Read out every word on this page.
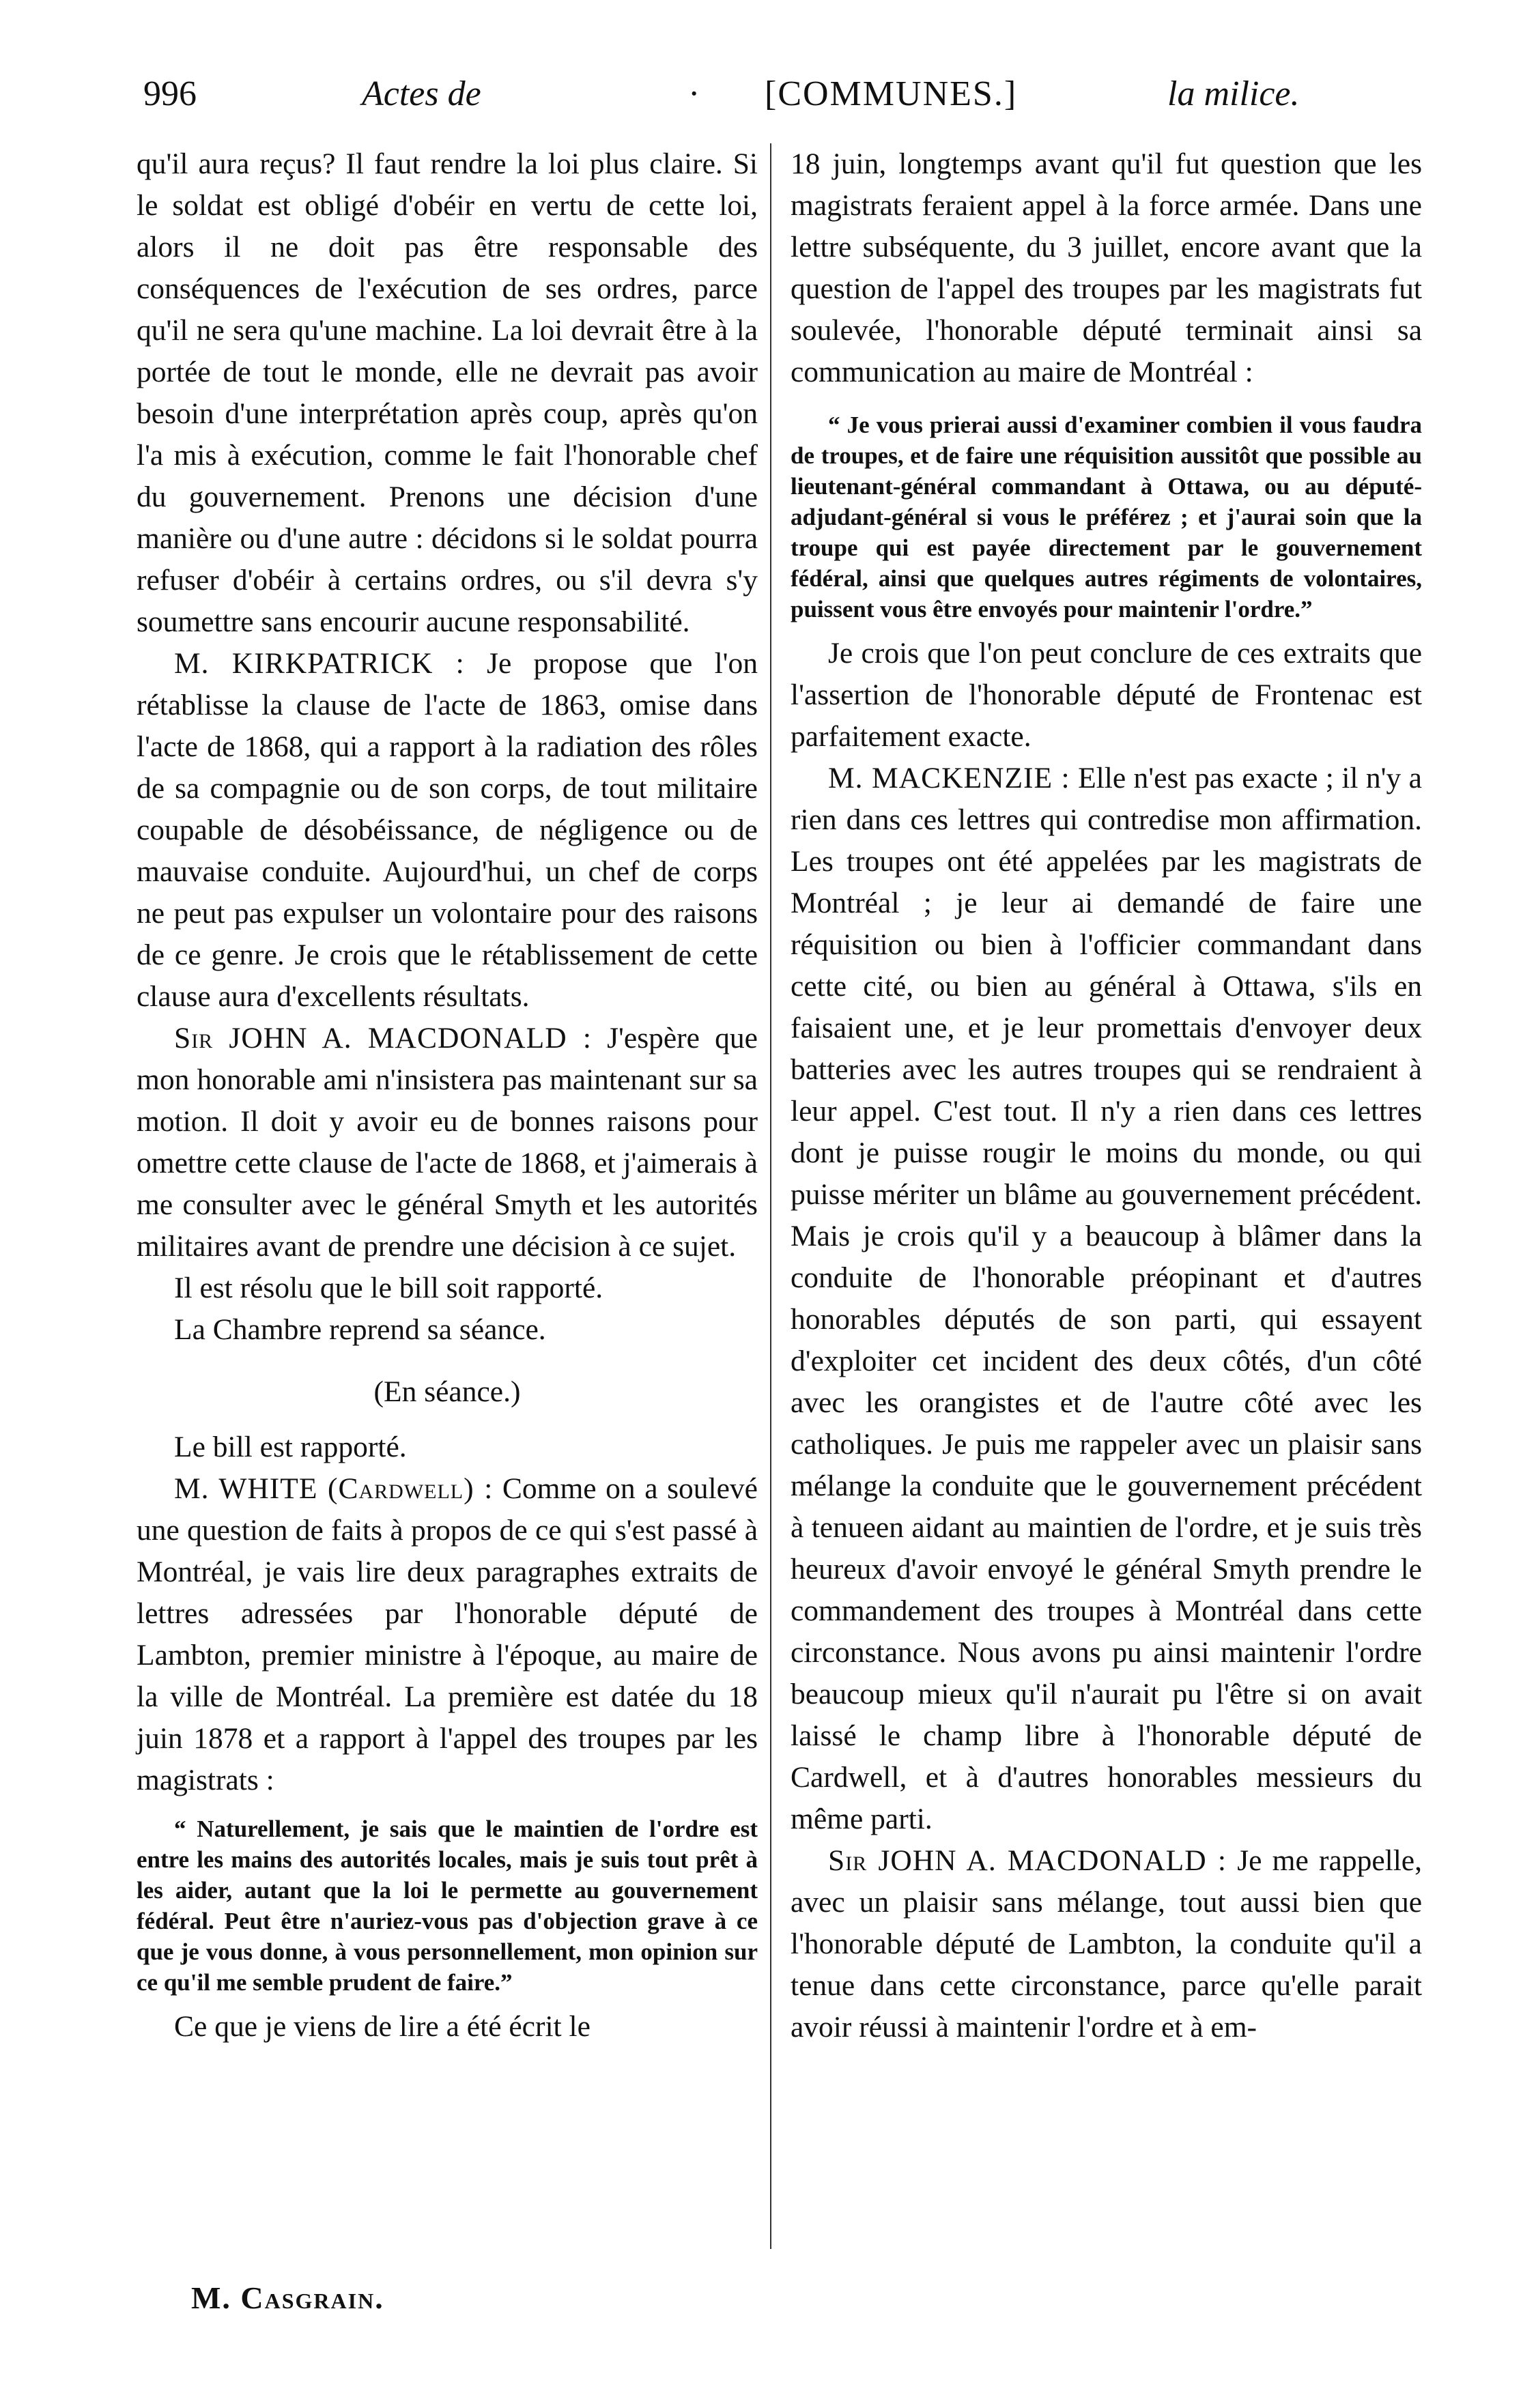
996	Actes de	· [COMMUNES.]	la milice.

qu'il aura reçus? Il faut rendre la loi plus claire. Si le soldat est obligé d'obéir en vertu de cette loi, alors il ne doit pas être responsable des conséquences de l'exécution de ses ordres, parce qu'il ne sera qu'une machine. La loi devrait être à la portée de tout le monde, elle ne devrait pas avoir besoin d'une interprétation après coup, après qu'on l'a mis à exécution, comme le fait l'honorable chef du gouvernement. Prenons une décision d'une manière ou d'une autre : décidons si le soldat pourra refuser d'obéir à certains ordres, ou s'il devra s'y soumettre sans encourir aucune responsabilité.

M. KIRKPATRICK : Je propose que l'on rétablisse la clause de l'acte de 1863, omise dans l'acte de 1868, qui a rapport à la radiation des rôles de sa compagnie ou de son corps, de tout militaire coupable de désobéissance, de négligence ou de mauvaise conduite. Aujourd'hui, un chef de corps ne peut pas expulser un volontaire pour des raisons de ce genre. Je crois que le rétablissement de cette clause aura d'excellents résultats.

Sir JOHN A. MACDONALD : J'espère que mon honorable ami n'insistera pas maintenant sur sa motion. Il doit y avoir eu de bonnes raisons pour omettre cette clause de l'acte de 1868, et j'aimerais à me consulter avec le général Smyth et les autorités militaires avant de prendre une décision à ce sujet.

Il est résolu que le bill soit rapporté.

La Chambre reprend sa séance.

(En séance.)

Le bill est rapporté.

M. WHITE (Cardwell) : Comme on a soulevé une question de faits à propos de ce qui s'est passé à Montréal, je vais lire deux paragraphes extraits de lettres adressées par l'honorable député de Lambton, premier ministre à l'époque, au maire de la ville de Montréal. La première est datée du 18 juin 1878 et a rapport à l'appel des troupes par les magistrats :

“ Naturellement, je sais que le maintien de l'ordre est entre les mains des autorités locales, mais je suis tout prêt à les aider, autant que la loi le permette au gouvernement fédéral. Peut être n'auriez-vous pas d'objection grave à ce que je vous donne, à vous personnellement, mon opinion sur ce qu'il me semble prudent de faire.”

Ce que je viens de lire a été écrit le

18 juin, longtemps avant qu'il fut question que les magistrats feraient appel à la force armée. Dans une lettre subséquente, du 3 juillet, encore avant que la question de l'appel des troupes par les magistrats fut soulevée, l'honorable député terminait ainsi sa communication au maire de Montréal :

“ Je vous prierai aussi d'examiner combien il vous faudra de troupes, et de faire une réquisition aussitôt que possible au lieutenant-général commandant à Ottawa, ou au député-adjudant-général si vous le préférez ; et j'aurai soin que la troupe qui est payée directement par le gouvernement fédéral, ainsi que quelques autres régiments de volontaires, puissent vous être envoyés pour maintenir l'ordre.”

Je crois que l'on peut conclure de ces extraits que l'assertion de l'honorable député de Frontenac est parfaitement exacte.

M. MACKENZIE : Elle n'est pas exacte ; il n'y a rien dans ces lettres qui contredise mon affirmation. Les troupes ont été appelées par les magistrats de Montréal ; je leur ai demandé de faire une réquisition ou bien à l'officier commandant dans cette cité, ou bien au général à Ottawa, s'ils en faisaient une, et je leur promettais d'envoyer deux batteries avec les autres troupes qui se rendraient à leur appel. C'est tout. Il n'y a rien dans ces lettres dont je puisse rougir le moins du monde, ou qui puisse mériter un blâme au gouvernement précédent. Mais je crois qu'il y a beaucoup à blâmer dans la conduite de l'honorable préopinant et d'autres honorables députés de son parti, qui essayent d'exploiter cet incident des deux côtés, d'un côté avec les orangistes et de l'autre côté avec les catholiques. Je puis me rappeler avec un plaisir sans mélange la conduite que le gouvernement précédent à tenueen aidant au maintien de l'ordre, et je suis très heureux d'avoir envoyé le général Smyth prendre le commandement des troupes à Montréal dans cette circonstance. Nous avons pu ainsi maintenir l'ordre beaucoup mieux qu'il n'aurait pu l'être si on avait laissé le champ libre à l'honorable député de Cardwell, et à d'autres honorables messieurs du même parti.

Sir JOHN A. MACDONALD : Je me rappelle, avec un plaisir sans mélange, tout aussi bien que l'honorable député de Lambton, la conduite qu'il a tenue dans cette circonstance, parce qu'elle parait avoir réussi à maintenir l'ordre et à em-

M. Casgrain.
